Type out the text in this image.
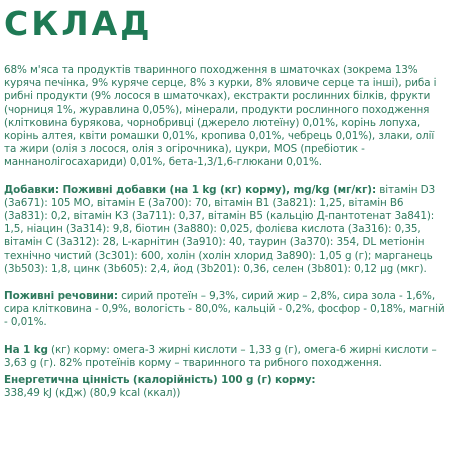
СКЛАД

68% м'яса та продуктів тваринного походження в шматочках (зокрема 13% куряча печінка, 9% куряче серце, 8% з курки, 8% яловиче серце та інші), риба і рибні продукти (9% лосося в шматочках), екстракти рослинних білків, фрукти (чорниця 1%, журавлина 0,05%), мінерали, продукти рослинного походження (клітковина бурякова, чорнобривці (джерело лютеїну) 0,01%, корінь лопуха, корінь алтея, квіти ромашки 0,01%, кропива 0,01%, чебрець 0,01%), злаки, олії та жири (олія з лосося, олія з огірочника), цукри, MOS (пребіотик - маннанолігосахариди) 0,01%, бета-1,3/1,6-глюкани 0,01%.

Добавки: Поживні добавки (на 1 kg (кг) корму), mg/kg (мг/кг): вітамін D3 (3a671): 105 МО, вітамін Е (3a700): 70, вітамін В1 (3a821): 1,25, вітамін В6 (3a831): 0,2, вітамін К3 (3a711): 0,37, вітамін В5 (кальцію Д-пантотенат 3a841): 1,5, ніацин (3a314): 9,8, біотин (3a880): 0,025, фолієва кислота (3a316): 0,35, вітамін С (3a312): 28, L-карнітин (3a910): 40, таурин (3a370): 354, DL метіонін технічно чистий (3c301): 600, холін (холін хлорид 3a890): 1,05 g (г); марганець (3b503): 1,8, цинк (3b605): 2,4, йод (3b201): 0,36, селен (3b801): 0,12 µg (мкг).

Поживні речовини: сирий протеїн – 9,3%, сирий жир – 2,8%, сира зола - 1,6%, сира клітковина - 0,9%, вологість - 80,0%, кальцій - 0,2%, фосфор - 0,18%, магній - 0,01%.

На 1 kg (кг) корму: омега-3 жирні кислоти – 1,33 g (г), омега-6 жирні кислоти – 3,63 g (г). 82% протеїнів корму – тваринного та рибного походження.

Енергетична цінність (калорійність) 100 g (г) корму:
338,49 kJ (кДж) (80,9 kcal (ккал))
